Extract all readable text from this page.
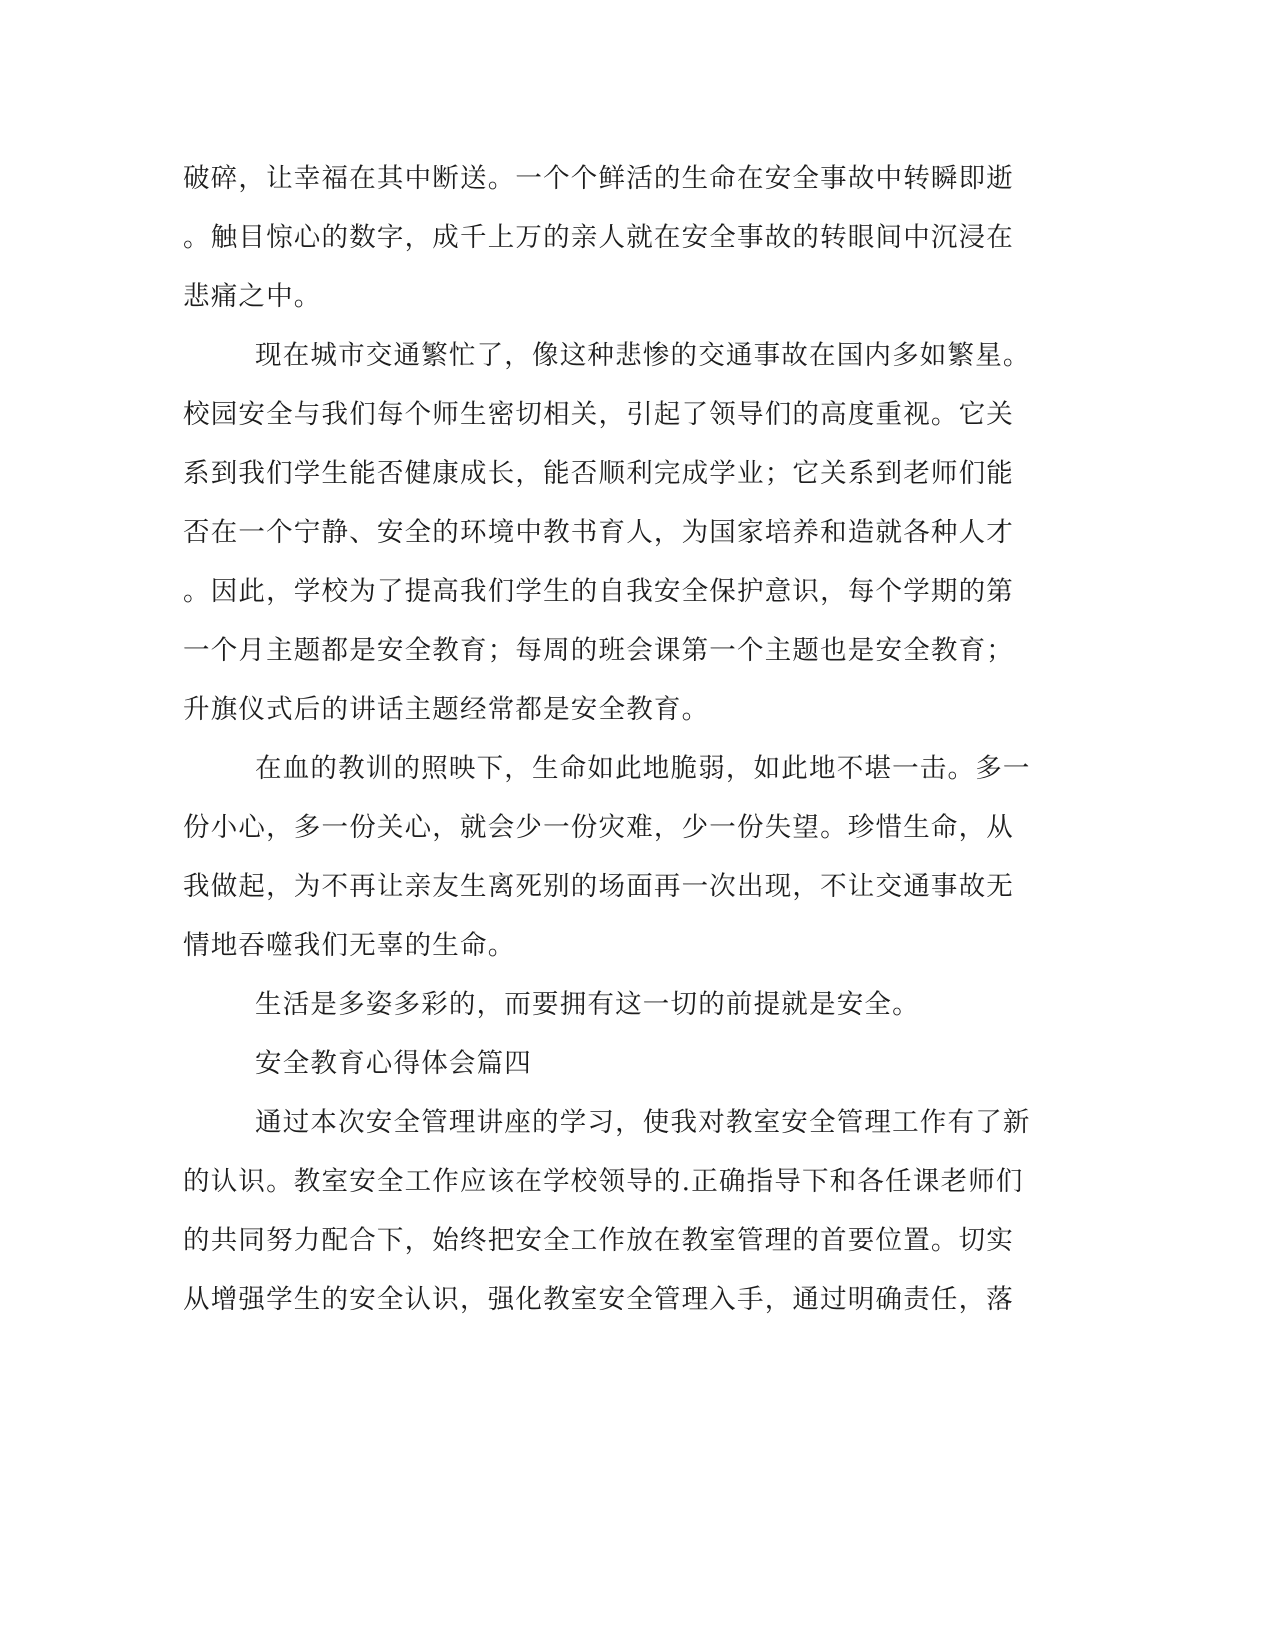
破碎，让幸福在其中断送。一个个鲜活的生命在安全事故中转瞬即逝
。触目惊心的数字，成千上万的亲人就在安全事故的转眼间中沉浸在
悲痛之中。
现在城市交通繁忙了，像这种悲惨的交通事故在国内多如繁星。
校园安全与我们每个师生密切相关，引起了领导们的高度重视。它关
系到我们学生能否健康成长，能否顺利完成学业；它关系到老师们能
否在一个宁静、安全的环境中教书育人，为国家培养和造就各种人才
。因此，学校为了提高我们学生的自我安全保护意识，每个学期的第
一个月主题都是安全教育；每周的班会课第一个主题也是安全教育；
升旗仪式后的讲话主题经常都是安全教育。
在血的教训的照映下，生命如此地脆弱，如此地不堪一击。多一
份小心，多一份关心，就会少一份灾难，少一份失望。珍惜生命，从
我做起，为不再让亲友生离死别的场面再一次出现，不让交通事故无
情地吞噬我们无辜的生命。
生活是多姿多彩的，而要拥有这一切的前提就是安全。
安全教育心得体会篇四
通过本次安全管理讲座的学习，使我对教室安全管理工作有了新
的认识。教室安全工作应该在学校领导的.正确指导下和各任课老师们
的共同努力配合下，始终把安全工作放在教室管理的首要位置。切实
从增强学生的安全认识，强化教室安全管理入手，通过明确责任，落
